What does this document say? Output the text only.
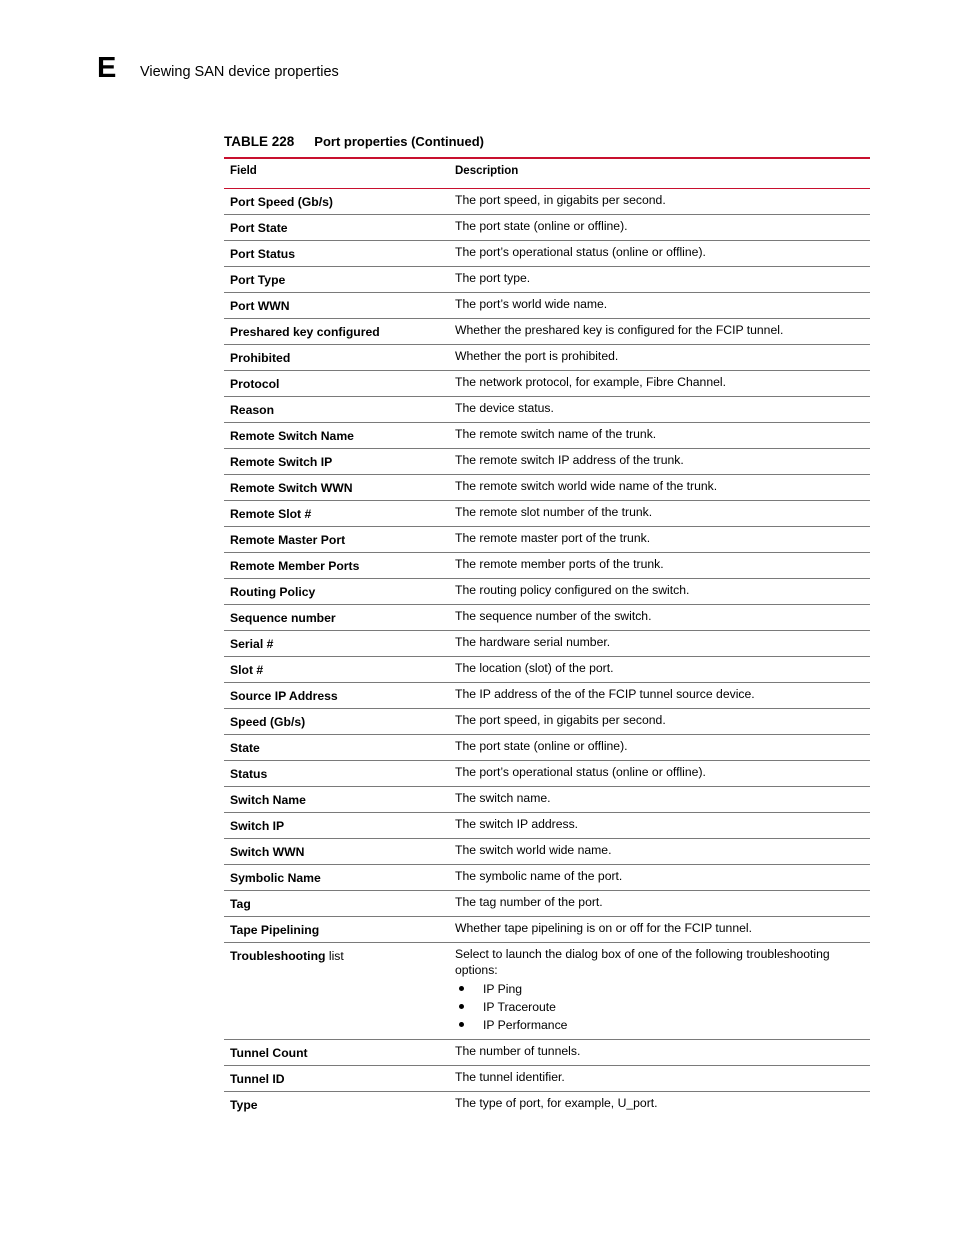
E Viewing SAN device properties
TABLE 228 Port properties (Continued)
Field	Description
Port Speed (Gb/s)	The port speed, in gigabits per second.
Port State	The port state (online or offline).
Port Status	The port’s operational status (online or offline).
Port Type	The port type.
Port WWN	The port’s world wide name.
Preshared key configured	Whether the preshared key is configured for the FCIP tunnel.
Prohibited	Whether the port is prohibited.
Protocol	The network protocol, for example, Fibre Channel.
Reason	The device status.
Remote Switch Name	The remote switch name of the trunk.
Remote Switch IP	The remote switch IP address of the trunk.
Remote Switch WWN	The remote switch world wide name of the trunk.
Remote Slot #	The remote slot number of the trunk.
Remote Master Port	The remote master port of the trunk.
Remote Member Ports	The remote member ports of the trunk.
Routing Policy	The routing policy configured on the switch.
Sequence number	The sequence number of the switch.
Serial #	The hardware serial number.
Slot #	The location (slot) of the port.
Source IP Address	The IP address of the of the FCIP tunnel source device.
Speed (Gb/s)	The port speed, in gigabits per second.
State	The port state (online or offline).
Status	The port’s operational status (online or offline).
Switch Name	The switch name.
Switch IP	The switch IP address.
Switch WWN	The switch world wide name.
Symbolic Name	The symbolic name of the port.
Tag	The tag number of the port.
Tape Pipelining	Whether tape pipelining is on or off for the FCIP tunnel.
Troubleshooting list	Select to launch the dialog box of one of the following troubleshooting options:
IP Ping
IP Traceroute
IP Performance
Tunnel Count	The number of tunnels.
Tunnel ID	The tunnel identifier.
Type	The type of port, for example, U_port.
